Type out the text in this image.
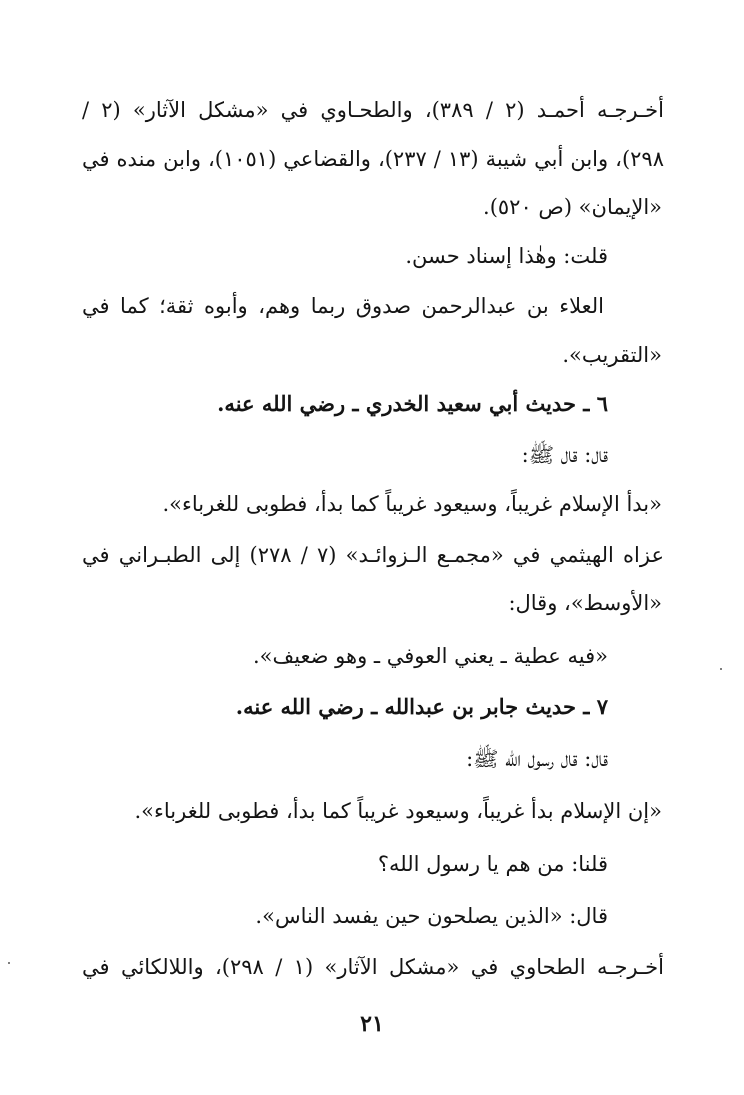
أخـرجـه أحمـد (٢ / ٣٨٩)، والطحـاوي في «مشكل الآثار» (٢ /
٢٩٨)، وابن أبي شيبة (١٣ / ٢٣٧)، والقضاعي (١٠٥١)، وابن منده في
«الإيمان» (ص ٥٢٠).
قلت: وهٰذا إسناد حسن.
العلاء بن عبدالرحمن صدوق ربما وهم، وأبوه ثقة؛ كما في
«التقريب».
٦ ـ حديث أبي سعيد الخدري ـ رضي الله عنه.
قال: قال ﷺ:
«بدأ الإسلام غريباً، وسيعود غريباً كما بدأ، فطوبى للغرباء».
عزاه الهيثمي في «مجمـع الـزوائـد» (٧ / ٢٧٨) إلى الطبـراني في
«الأوسط»، وقال:
«فيه عطية ـ يعني العوفي ـ وهو ضعيف».
٧ ـ حديث جابر بن عبدالله ـ رضي الله عنه.
قال: قال رسول الله ﷺ:
«إن الإسلام بدأ غريباً، وسيعود غريباً كما بدأ، فطوبى للغرباء».
قلنا: من هم يا رسول الله؟
قال: «الذين يصلحون حين يفسد الناس».
أخـرجـه الطحاوي في «مشكل الآثار» (١ / ٢٩٨)، واللالكائي في
٢١
